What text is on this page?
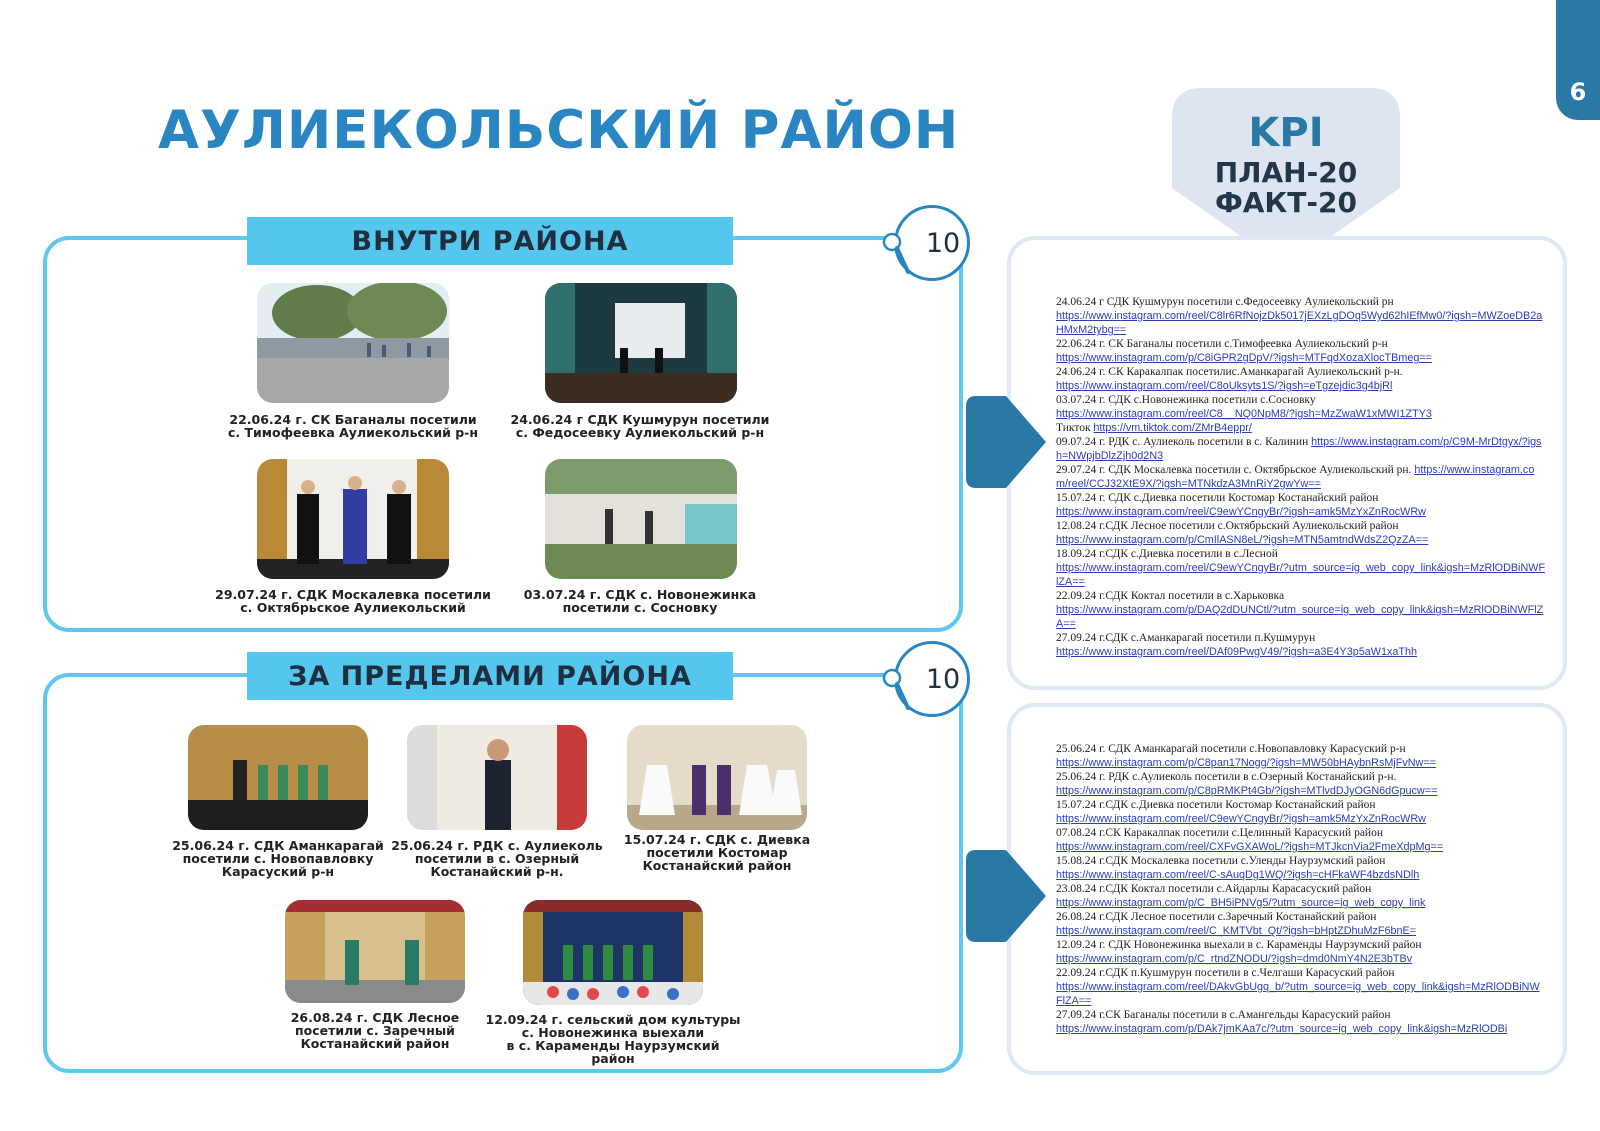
6
АУЛИЕКОЛЬСКИЙ РАЙОН	KPI
ПЛАН-20
ФАКТ-20
ВНУТРИ РАЙОНА	10
22.06.24 г. СК Баганалы посетили
с. Тимофеевка Аулиекольский р-н
24.06.24 г СДК Кушмурун посетили
с. Федосеевку Аулиекольский р-н
29.07.24 г. СДК Москалевка посетили
с. Октябрьское Аулиекольский
03.07.24 г. СДК с. Новонежинка
посетили с. Сосновку
ЗА ПРЕДЕЛАМИ РАЙОНА	10
25.06.24 г. СДК Аманкарагай
посетили с. Новопавловку
Карасуский р-н
25.06.24 г. РДК с. Аулиеколь
посетили в с. Озерный
Костанайский р-н.
15.07.24 г. СДК с. Диевка
посетили Костомар
Костанайский район
26.08.24 г. СДК Лесное
посетили с. Заречный
Костанайский район
12.09.24 г. сельский дом культуры
с. Новонежинка выехали
в с. Караменды Наурзумский район
24.06.24 г СДК Кушмурун посетили с.Федосеевку Аулиекольский рн
https://www.instagram.com/reel/C8lr6RfNojzDk5017jEXzLgDOq5Wyd62hIEfMw0/?igsh=MWZoeDB2aHMxM2tybg==
22.06.24 г. СК Баганалы посетили с.Тимофеевка Аулиекольский р-н
https://www.instagram.com/p/C8iGPR2gDpV/?igsh=MTFqdXozaXlocTBmeg==
24.06.24 г. СК Каракалпак посетилис.Аманкарагай Аулиекольский р-н.
https://www.instagram.com/reel/C8oUksyts1S/?igsh=eTgzejdic3g4bjRl
03.07.24 г. СДК с.Новонежинка посетили с.Сосновку
https://www.instagram.com/reel/C8__NQ0NpM8/?igsh=MzZwaW1xMWI1ZTY3
Тикток https://vm.tiktok.com/ZMrB4eppr/
09.07.24 г. РДК с. Аулиеколь посетили в с. Калинин https://www.instagram.com/p/C9M-MrDtgyx/?igsh=NWpjbDlzZjh0d2N3
29.07.24 г. СДК Москалевка посетили с. Октябрьское Аулиекольский рн. https://www.instagram.com/reel/CCJ32XtE9X/?igsh=MTNkdzA3MnRiY2gwYw==
15.07.24 г. СДК с.Диевка посетили Костомар Костанайский район
https://www.instagram.com/reel/C9ewYCngyBr/?igsh=amk5MzYxZnRocWRw
12.08.24 г.СДК Лесное посетили с.Октябрьский Аулиекольский район
https://www.instagram.com/p/CmIlASN8eL/?igsh=MTN5amtndWdsZ2QzZA==
18.09.24 г.СДК с.Диевка посетили в с.Лесной
https://www.instagram.com/reel/C9ewYCngyBr/?utm_source=ig_web_copy_link&igsh=MzRlODBiNWFlZA==
22.09.24 г.СДК Коктал посетили в с.Харьковка
https://www.instagram.com/p/DAQ2dDUNCtl/?utm_source=ig_web_copy_link&igsh=MzRlODBiNWFlZA==
27.09.24 г.СДК с.Аманкарагай посетили п.Кушмурун
https://www.instagram.com/reel/DAf09PwgV49/?igsh=a3E4Y3p5aW1xaThh
25.06.24 г. СДК Аманкарагай посетили с.Новопавловку Карасуский р-н
https://www.instagram.com/p/C8pan17Nogg/?igsh=MW50bHAybnRsMjFvNw==
25.06.24 г. РДК с.Аулиеколь посетили в с.Озерный Костанайский р-н.
https://www.instagram.com/p/C8pRMKPt4Gb/?igsh=MTlvdDJyOGN6dGpucw==
15.07.24 г.СДК с.Диевка посетили Костомар Костанайский район
https://www.instagram.com/reel/C9ewYCngyBr/?igsh=amk5MzYxZnRocWRw
07.08.24 г.СК Каракалпак посетили с.Целинный Карасуский район
https://www.instagram.com/reel/CXFvGXAWoL/?igsh=MTJkcnVia2FmeXdpMg==
15.08.24 г.СДК Москалевка посетили с.Уленды Наурзумский район
https://www.instagram.com/reel/C-sAuqDg1WQ/?igsh=cHFkaWF4bzdsNDlh
23.08.24 г.СДК Коктал посетили с.Айдарлы Карасасуский район
https://www.instagram.com/p/C_BH5iPNVg5/?utm_source=ig_web_copy_link
26.08.24 г.СДК Лесное посетили с.Заречный Костанайский район
https://www.instagram.com/reel/C_KMTVbt_Qt/?igsh=bHptZDhuMzF6bnE=
12.09.24 г. СДК Новонежинка выехали в с. Караменды Наурзумский район
https://www.instagram.com/p/C_rtndZNODU/?igsh=dmd0NmY4N2E3bTBv
22.09.24 г.СДК п.Кушмурун посетили в с.Челгаши Карасуский район
https://www.instagram.com/reel/DAkvGbUgq_b/?utm_source=ig_web_copy_link&igsh=MzRlODBiNWFlZA==
27.09.24 г.СК Баганалы посетили в с.Амангельды Карасуский район
https://www.instagram.com/p/DAk7jmKAa7c/?utm_source=ig_web_copy_link&igsh=MzRlODBi
